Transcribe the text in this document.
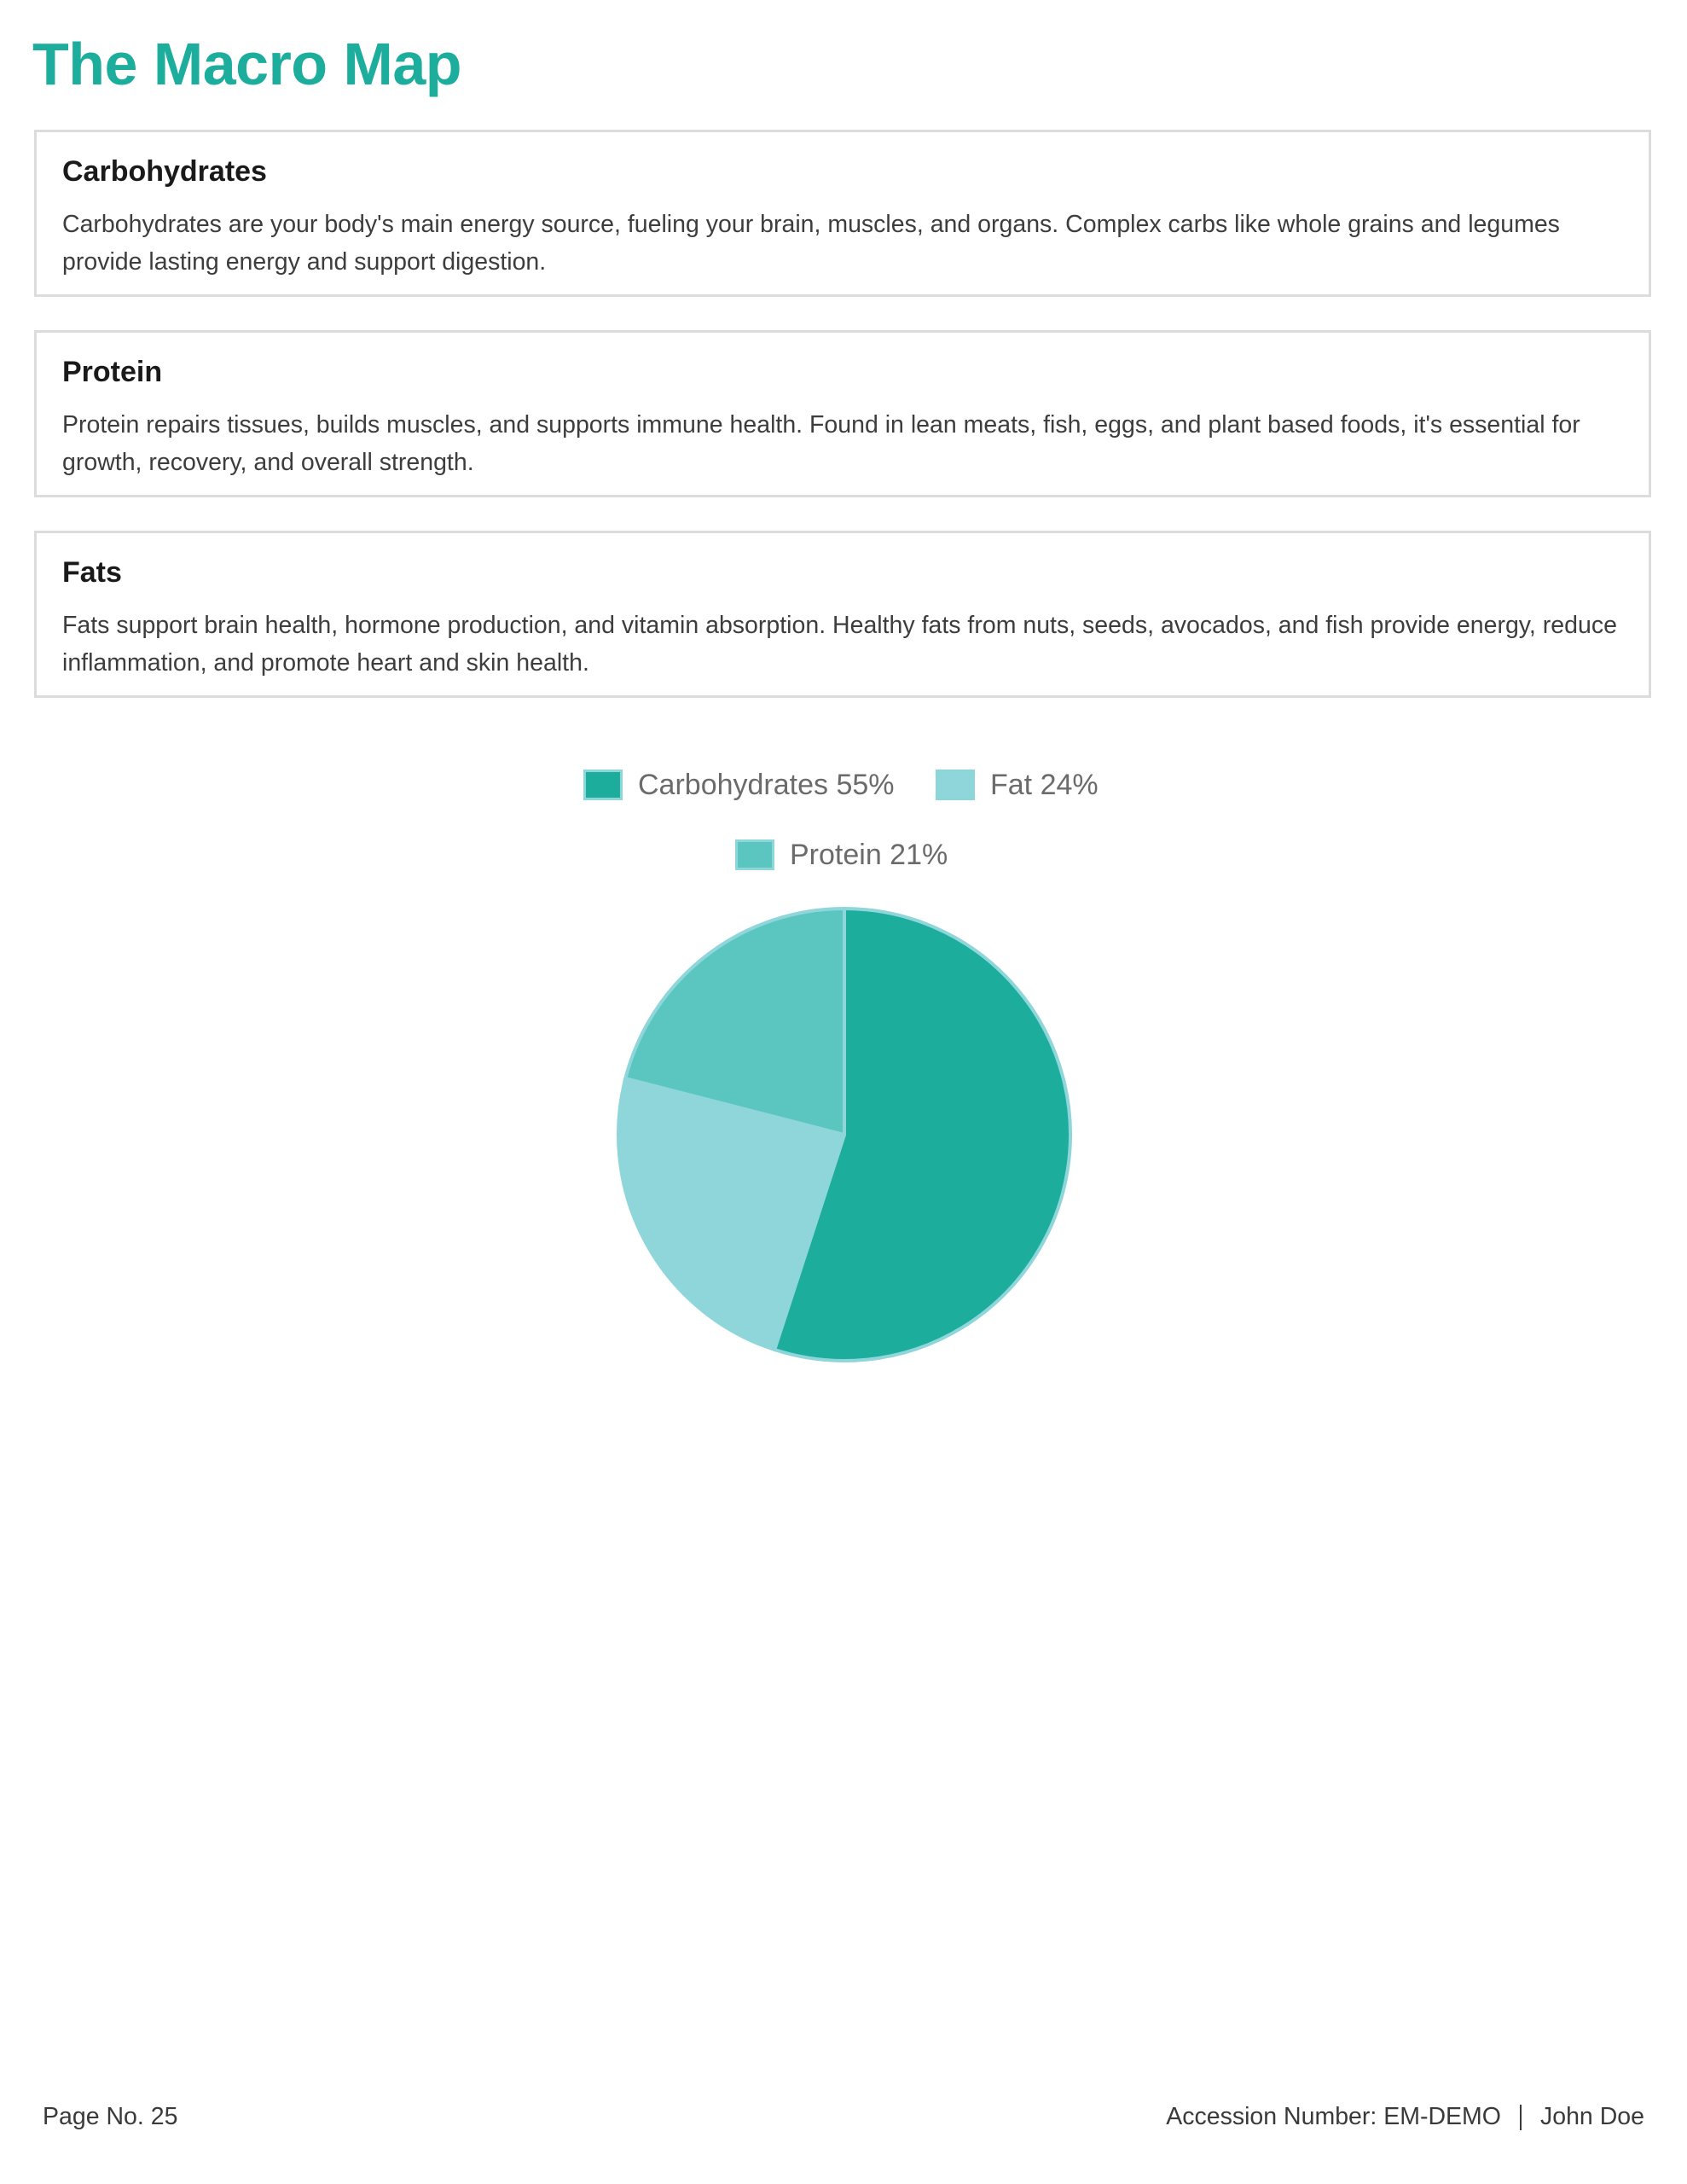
The Macro Map
Carbohydrates

Carbohydrates are your body's main energy source, fueling your brain, muscles, and organs. Complex carbs like whole grains and legumes provide lasting energy and support digestion.

Protein

Protein repairs tissues, builds muscles, and supports immune health. Found in lean meats, fish, eggs, and plant based foods, it's essential for growth, recovery, and overall strength.

Fats

Fats support brain health, hormone production, and vitamin absorption. Healthy fats from nuts, seeds, avocados, and fish provide energy, reduce inflammation, and promote heart and skin health.

Carbohydrates 55%	Fat 24%
Protein 21%
Page No. 25	Accession Number: EM-DEMO John Doe
